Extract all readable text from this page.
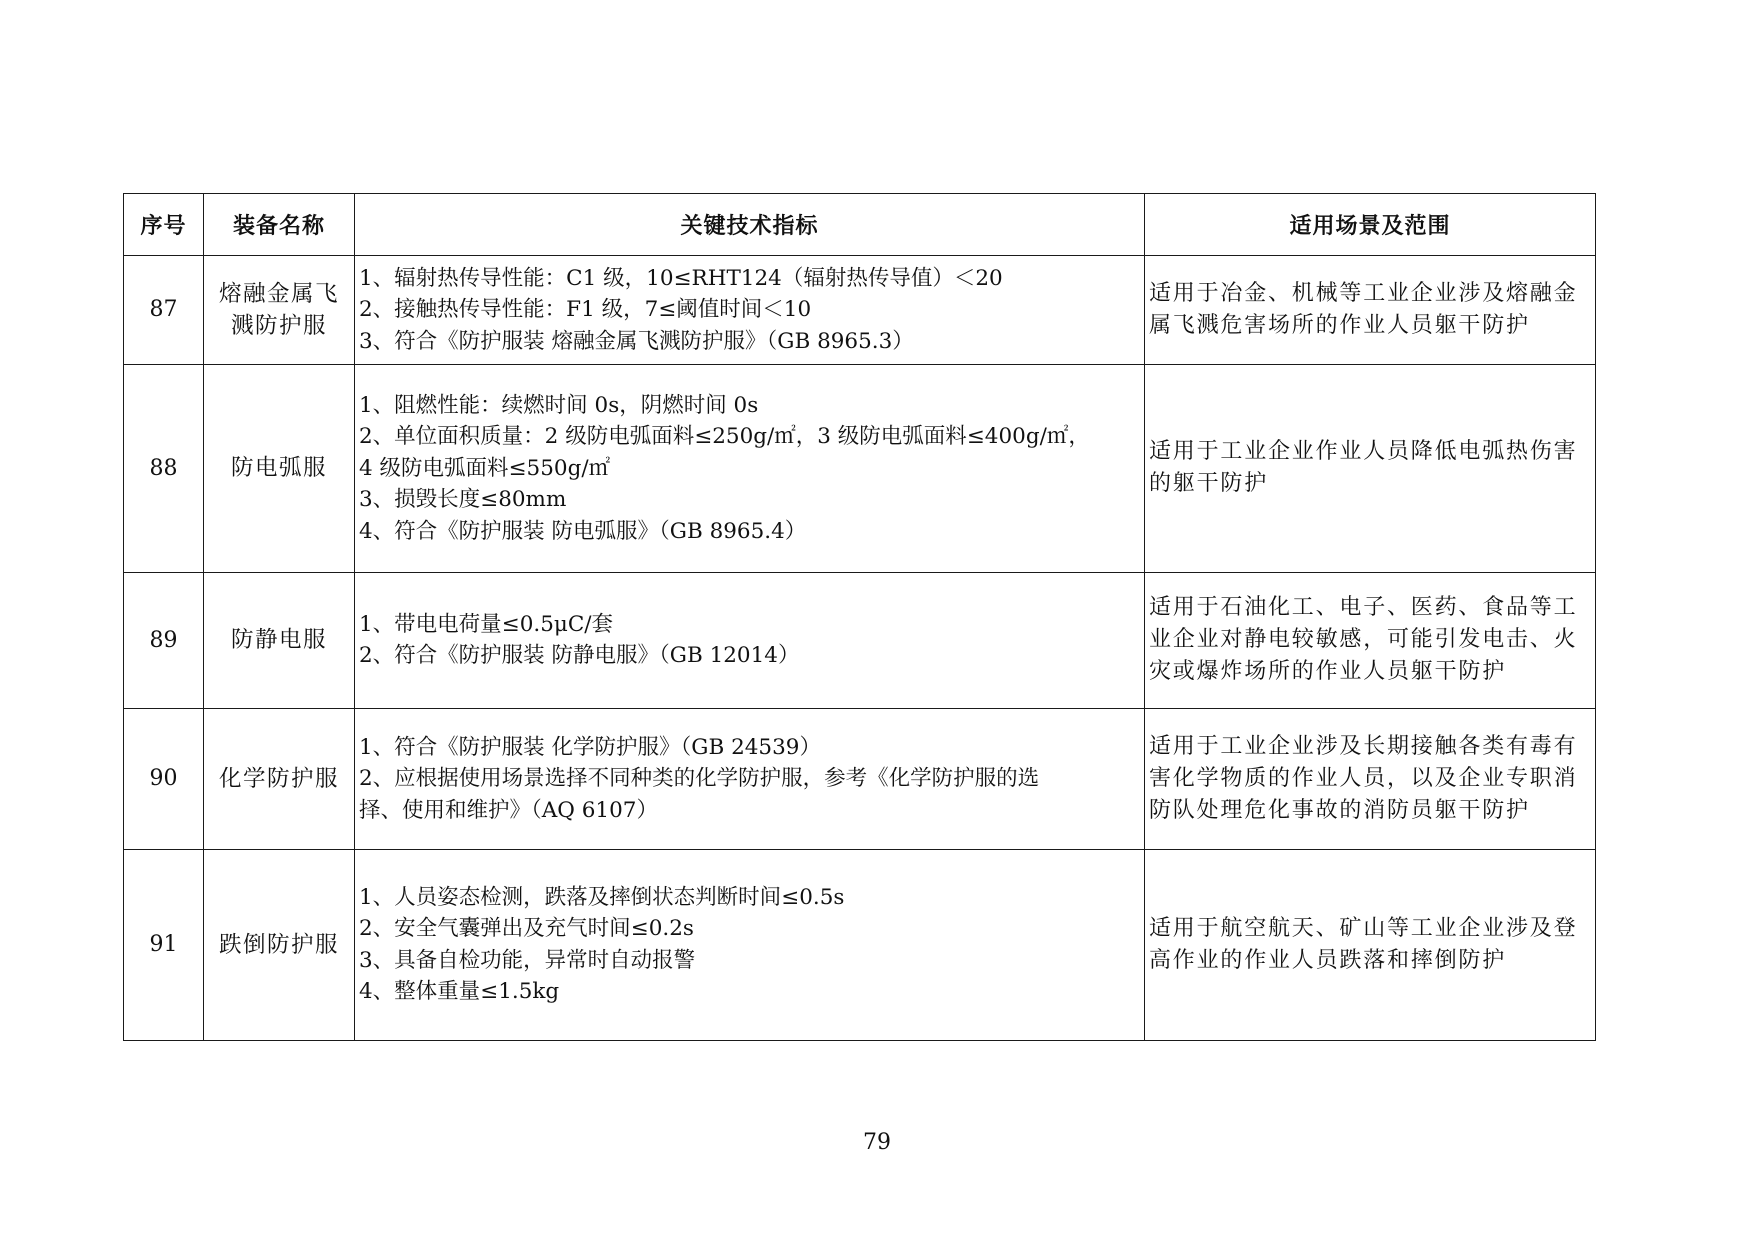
序号	装备名称	关键技术指标	适用场景及范围
87	熔融金属飞
溅防护服	1、辐射热传导性能：C1 级，10≤RHT124（辐射热传导值）＜20
2、接触热传导性能：F1 级，7≤阈值时间＜10
3、符合《防护服装 熔融金属飞溅防护服》（GB 8965.3）	适用于冶金、机械等工业企业涉及熔融金属飞溅危害场所的作业人员躯干防护
88	防电弧服	1、阻燃性能：续燃时间 0s，阴燃时间 0s
2、单位面积质量：2 级防电弧面料≤250g/㎡，3 级防电弧面料≤400g/㎡，
4 级防电弧面料≤550g/㎡
3、损毁长度≤80mm
4、符合《防护服装 防电弧服》（GB 8965.4）	适用于工业企业作业人员降低电弧热伤害的躯干防护
89	防静电服	1、带电电荷量≤0.5μC/套
2、符合《防护服装 防静电服》（GB 12014）	适用于石油化工、电子、医药、食品等工业企业对静电较敏感，可能引发电击、火灾或爆炸场所的作业人员躯干防护
90	化学防护服	1、符合《防护服装 化学防护服》（GB 24539）
2、应根据使用场景选择不同种类的化学防护服，参考《化学防护服的选
择、使用和维护》（AQ 6107）	适用于工业企业涉及长期接触各类有毒有害化学物质的作业人员，以及企业专职消防队处理危化事故的消防员躯干防护
91	跌倒防护服	1、人员姿态检测，跌落及摔倒状态判断时间≤0.5s
2、安全气囊弹出及充气时间≤0.2s
3、具备自检功能，异常时自动报警
4、整体重量≤1.5kg	适用于航空航天、矿山等工业企业涉及登高作业的作业人员跌落和摔倒防护
79
